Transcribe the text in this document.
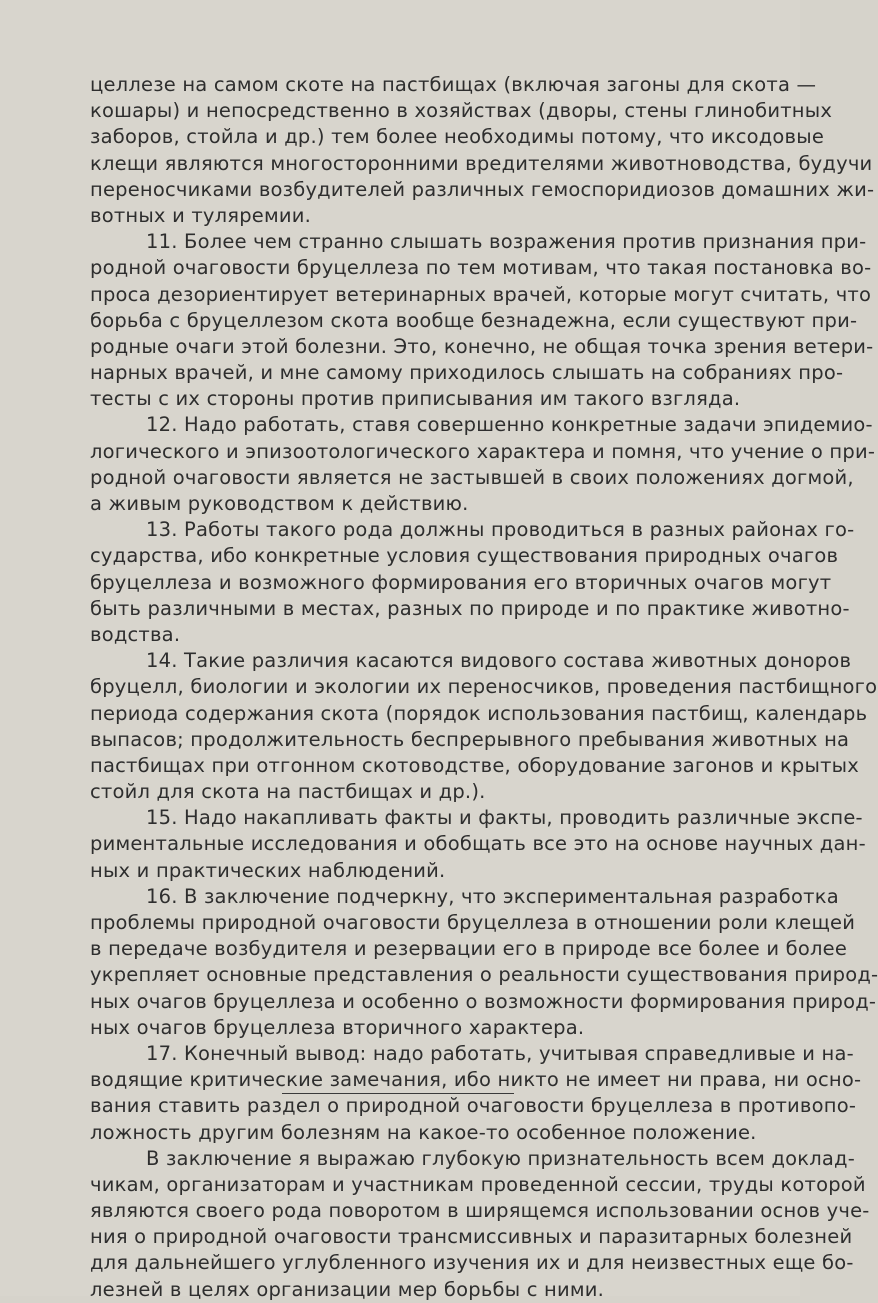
целлезе на самом скоте на пастбищах (включая загоны для скота —
кошары) и непосредственно в хозяйствах (дворы, стены глинобитных
заборов, стойла и др.) тем более необходимы потому, что иксодовые
клещи являются многосторонними вредителями животноводства, будучи
переносчиками возбудителей различных гемоспоридиозов домашних жи-
вотных и туляремии.
11. Более чем странно слышать возражения против признания при-
родной очаговости бруцеллеза по тем мотивам, что такая постановка во-
проса дезориентирует ветеринарных врачей, которые могут считать, что
борьба с бруцеллезом скота вообще безнадежна, если существуют при-
родные очаги этой болезни. Это, конечно, не общая точка зрения ветери-
нарных врачей, и мне самому приходилось слышать на собраниях про-
тесты с их стороны против приписывания им такого взгляда.
12. Надо работать, ставя совершенно конкретные задачи эпидемио-
логического и эпизоотологического характера и помня, что учение о при-
родной очаговости является не застывшей в своих положениях догмой,
а живым руководством к действию.
13. Работы такого рода должны проводиться в разных районах го-
сударства, ибо конкретные условия существования природных очагов
бруцеллеза и возможного формирования его вторичных очагов могут
быть различными в местах, разных по природе и по практике животно-
водства.
14. Такие различия касаются видового состава животных доноров
бруцелл, биологии и экологии их переносчиков, проведения пастбищного
периода содержания скота (порядок использования пастбищ, календарь
выпасов; продолжительность беспрерывного пребывания животных на
пастбищах при отгонном скотоводстве, оборудование загонов и крытых
стойл для скота на пастбищах и др.).
15. Надо накапливать факты и факты, проводить различные экспе-
риментальные исследования и обобщать все это на основе научных дан-
ных и практических наблюдений.
16. В заключение подчеркну, что экспериментальная разработка
проблемы природной очаговости бруцеллеза в отношении роли клещей
в передаче возбудителя и резервации его в природе все более и более
укрепляет основные представления о реальности существования природ-
ных очагов бруцеллеза и особенно о возможности формирования природ-
ных очагов бруцеллеза вторичного характера.
17. Конечный вывод: надо работать, учитывая справедливые и на-
водящие критические замечания, ибо никто не имеет ни права, ни осно-
вания ставить раздел о природной очаговости бруцеллеза в противопо-
ложность другим болезням на какое-то особенное положение.
В заключение я выражаю глубокую признательность всем доклад-
чикам, организаторам и участникам проведенной сессии, труды которой
являются своего рода поворотом в ширящемся использовании основ уче-
ния о природной очаговости трансмиссивных и паразитарных болезней
для дальнейшего углубленного изучения их и для неизвестных еще бо-
лезней в целях организации мер борьбы с ними.
